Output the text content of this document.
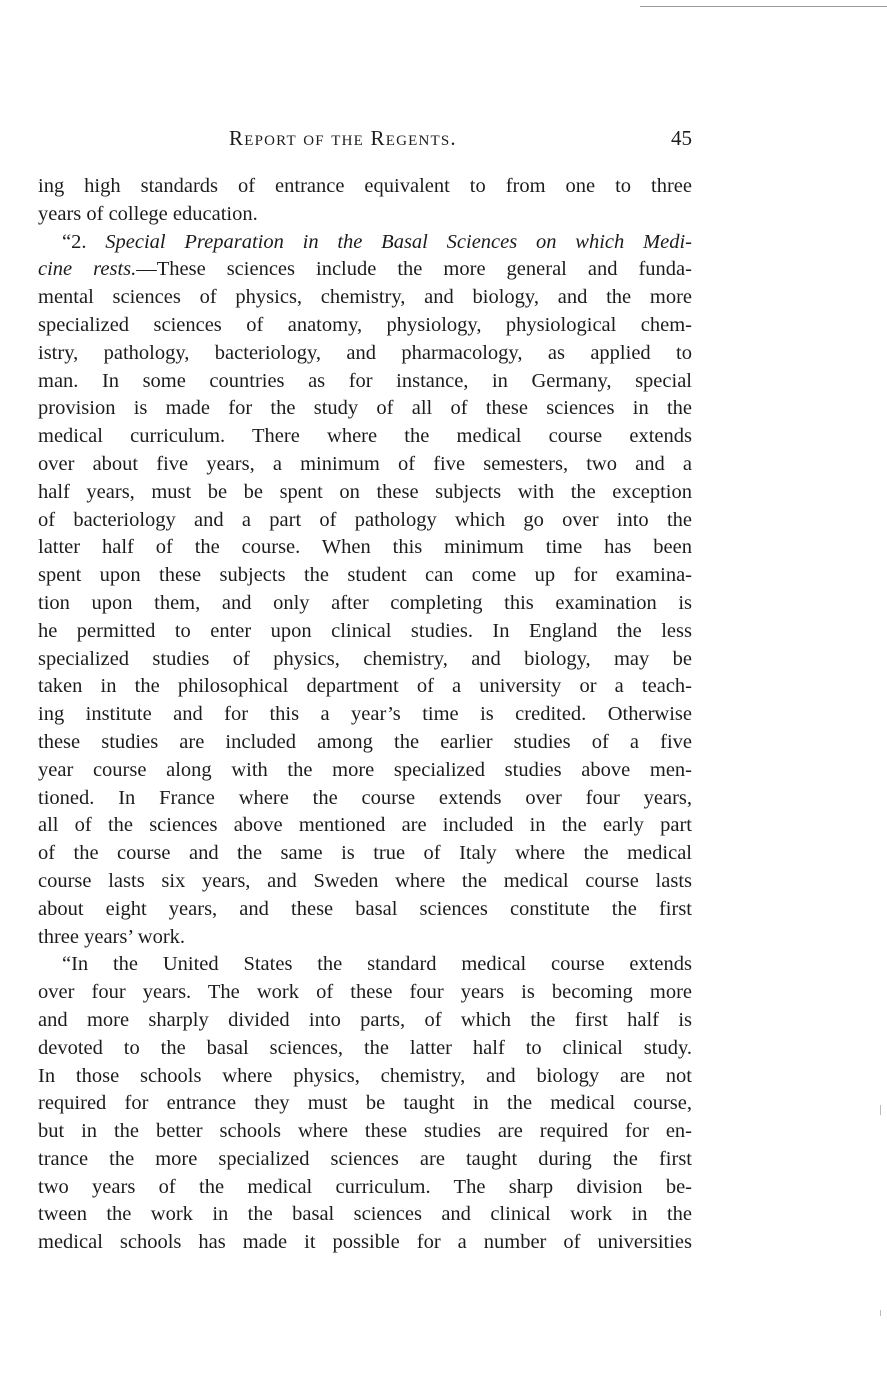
Report of the Regents.	45
ing high standards of entrance equivalent to from one to three
years of college education.
“2. Special Preparation in the Basal Sciences on which Medi-
cine rests.—These sciences include the more general and funda-
mental sciences of physics, chemistry, and biology, and the more
specialized sciences of anatomy, physiology, physiological chem-
istry, pathology, bacteriology, and pharmacology, as applied to
man. In some countries as for instance, in Germany, special
provision is made for the study of all of these sciences in the
medical curriculum. There where the medical course extends
over about five years, a minimum of five semesters, two and a
half years, must be be spent on these subjects with the exception
of bacteriology and a part of pathology which go over into the
latter half of the course. When this minimum time has been
spent upon these subjects the student can come up for examina-
tion upon them, and only after completing this examination is
he permitted to enter upon clinical studies. In England the less
specialized studies of physics, chemistry, and biology, may be
taken in the philosophical department of a university or a teach-
ing institute and for this a year’s time is credited. Otherwise
these studies are included among the earlier studies of a five
year course along with the more specialized studies above men-
tioned. In France where the course extends over four years,
all of the sciences above mentioned are included in the early part
of the course and the same is true of Italy where the medical
course lasts six years, and Sweden where the medical course lasts
about eight years, and these basal sciences constitute the first
three years’ work.
“In the United States the standard medical course extends
over four years. The work of these four years is becoming more
and more sharply divided into parts, of which the first half is
devoted to the basal sciences, the latter half to clinical study.
In those schools where physics, chemistry, and biology are not
required for entrance they must be taught in the medical course,
but in the better schools where these studies are required for en-
trance the more specialized sciences are taught during the first
two years of the medical curriculum. The sharp division be-
tween the work in the basal sciences and clinical work in the
medical schools has made it possible for a number of universities
